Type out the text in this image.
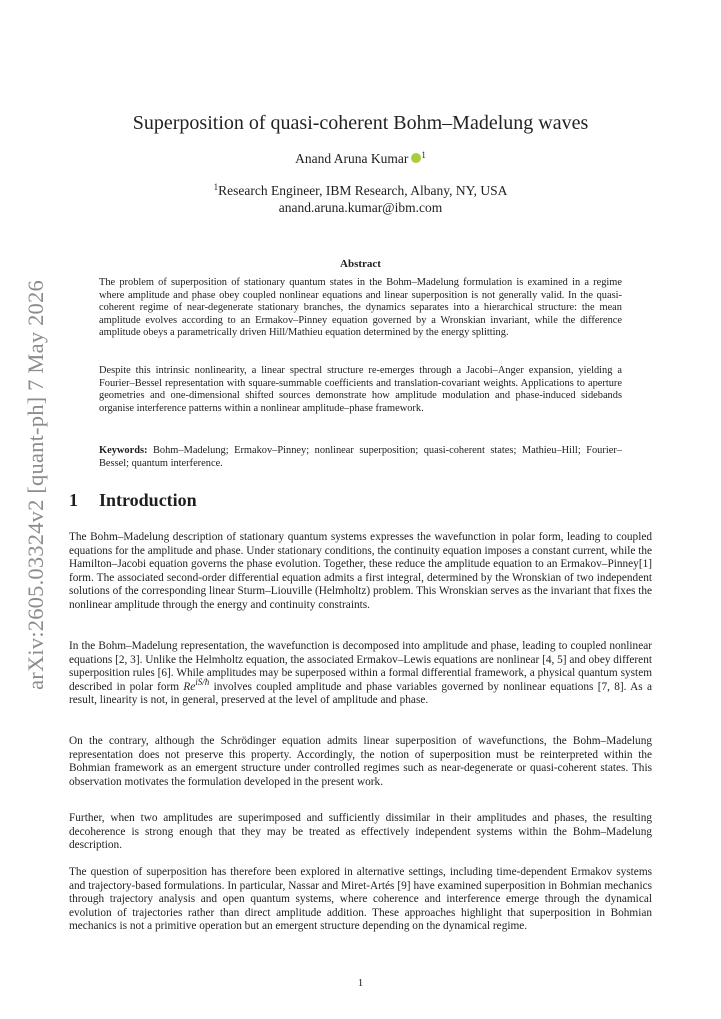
arXiv:2605.03324v2 [quant-ph] 7 May 2026
Superposition of quasi-coherent Bohm–Madelung waves
Anand Aruna Kumar $^1$
$^1$Research Engineer, IBM Research, Albany, NY, USA
anand.aruna.kumar@ibm.com
Abstract

The problem of superposition of stationary quantum states in the Bohm–Madelung formulation is examined in a regime where amplitude and phase obey coupled nonlinear equations and linear superposition is not generally valid. In the quasi-coherent regime of near-degenerate stationary branches, the dynamics separates into a hierarchical structure: the mean amplitude evolves according to an Ermakov–Pinney equation governed by a Wronskian invariant, while the difference amplitude obeys a parametrically driven Hill/Mathieu equation determined by the energy splitting.

Despite this intrinsic nonlinearity, a linear spectral structure re-emerges through a Jacobi–Anger expansion, yielding a Fourier–Bessel representation with square-summable coefficients and translation-covariant weights. Applications to aperture geometries and one-dimensional shifted sources demonstrate how amplitude modulation and phase-induced sidebands organise interference patterns within a nonlinear amplitude–phase framework.

Keywords: Bohm–Madelung; Ermakov–Pinney; nonlinear superposition; quasi-coherent states; Mathieu–Hill; Fourier–Bessel; quantum interference.

1 Introduction

The Bohm–Madelung description of stationary quantum systems expresses the wavefunction in polar form, leading to coupled equations for the amplitude and phase. Under stationary conditions, the continuity equation imposes a constant current, while the Hamilton–Jacobi equation governs the phase evolution. Together, these reduce the amplitude equation to an Ermakov–Pinney[1] form. The associated second-order differential equation admits a first integral, determined by the Wronskian of two independent solutions of the corresponding linear Sturm–Liouville (Helmholtz) problem. This Wronskian serves as the invariant that fixes the nonlinear amplitude through the energy and continuity constraints.

In the Bohm–Madelung representation, the wavefunction is decomposed into amplitude and phase, leading to coupled nonlinear equations [2, 3]. Unlike the Helmholtz equation, the associated Ermakov–Lewis equations are nonlinear [4, 5] and obey different superposition rules [6]. While amplitudes may be superposed within a formal differential framework, a physical quantum system described in polar form $Re^{iS/ħ}$ involves coupled amplitude and phase variables governed by nonlinear equations [7, 8]. As a result, linearity is not, in general, preserved at the level of amplitude and phase.

On the contrary, although the Schrödinger equation admits linear superposition of wavefunctions, the Bohm–Madelung representation does not preserve this property. Accordingly, the notion of superposition must be reinterpreted within the Bohmian framework as an emergent structure under controlled regimes such as near-degenerate or quasi-coherent states. This observation motivates the formulation developed in the present work.

Further, when two amplitudes are superimposed and sufficiently dissimilar in their amplitudes and phases, the resulting decoherence is strong enough that they may be treated as effectively independent systems within the Bohm–Madelung description.

The question of superposition has therefore been explored in alternative settings, including time-dependent Ermakov systems and trajectory-based formulations. In particular, Nassar and Miret-Artés [9] have examined superposition in Bohmian mechanics through trajectory analysis and open quantum systems, where coherence and interference emerge through the dynamical evolution of trajectories rather than direct amplitude addition. These approaches highlight that superposition in Bohmian mechanics is not a primitive operation but an emergent structure depending on the dynamical regime.

1
